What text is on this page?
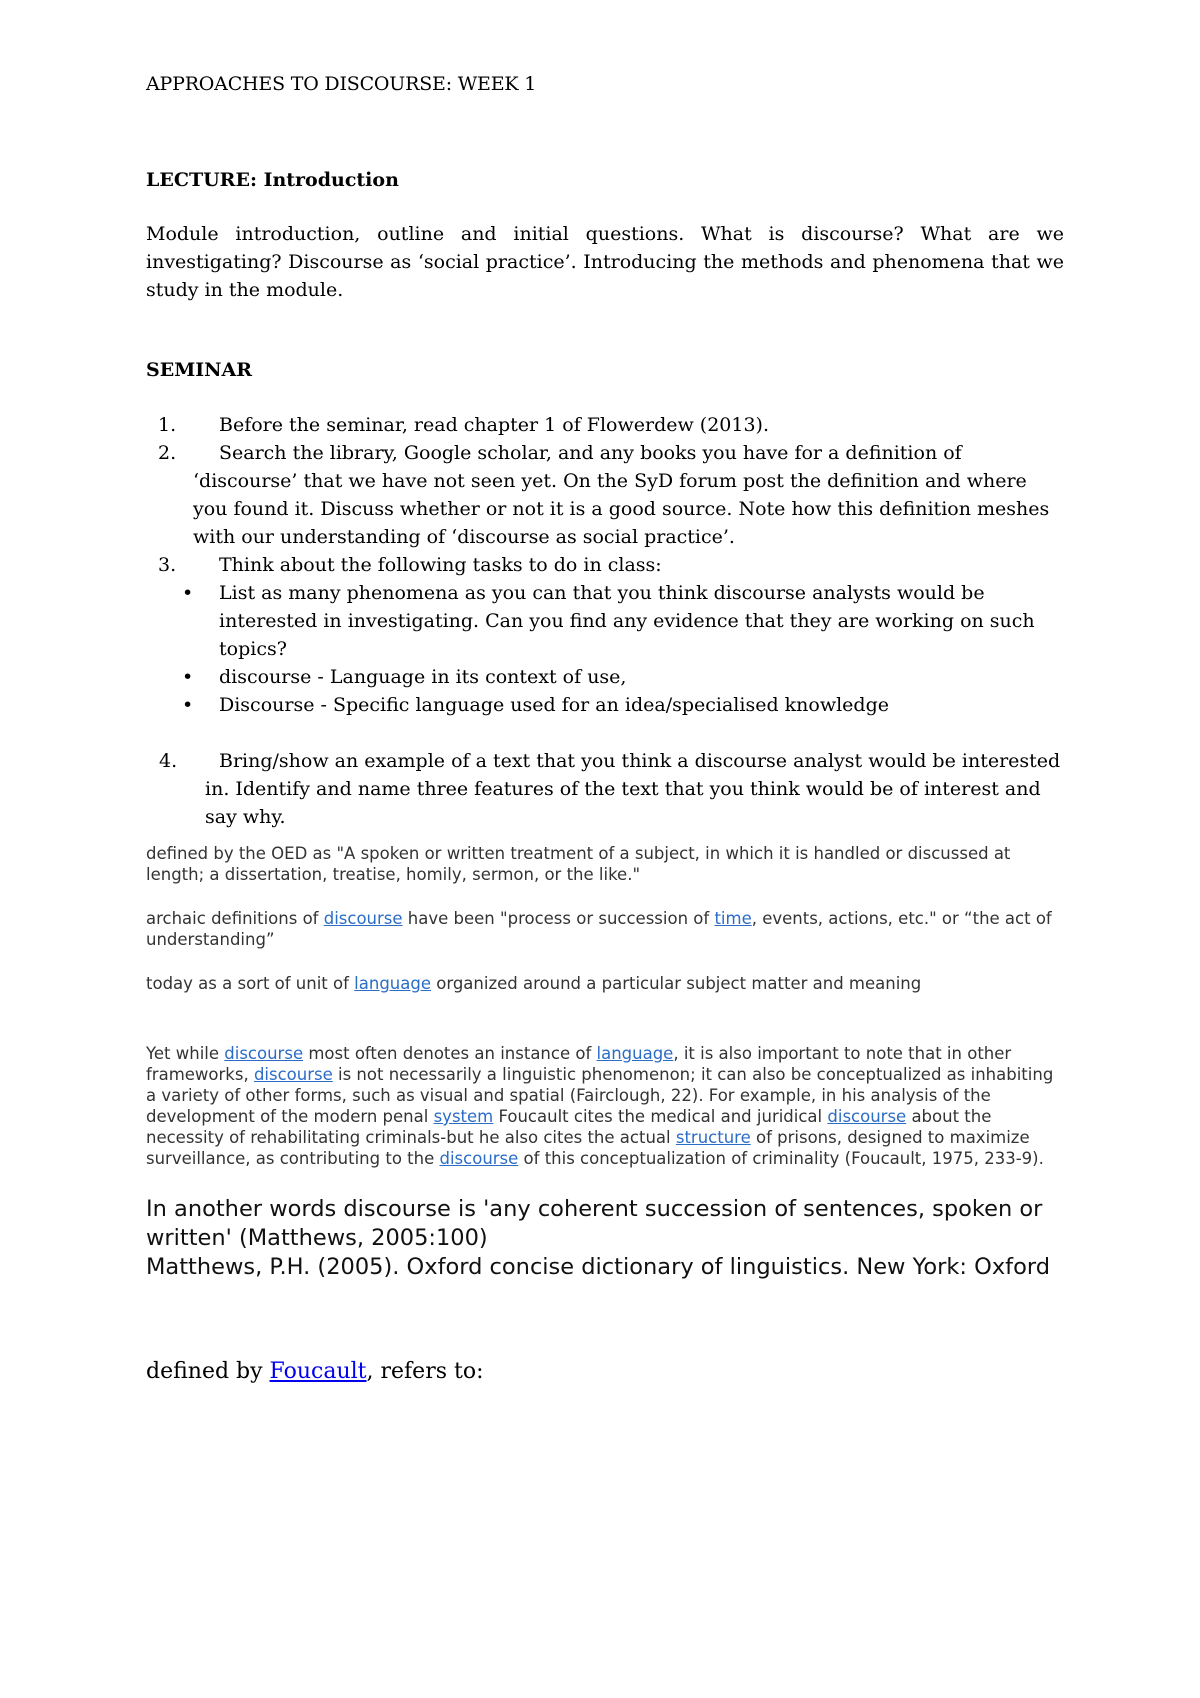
APPROACHES TO DISCOURSE: WEEK 1
LECTURE: Introduction
Module introduction, outline and initial questions. What is discourse? What are we investigating? Discourse as ‘social practice’. Introducing the methods and phenomena that we study in the module.
SEMINAR
1.	Before the seminar, read chapter 1 of Flowerdew (2013).
2.	Search the library, Google scholar, and any books you have for a definition of ‘discourse’ that we have not seen yet. On the SyD forum post the definition and where you found it. Discuss whether or not it is a good source. Note how this definition meshes with our understanding of ‘discourse as social practice’.
3.	Think about the following tasks to do in class:
• List as many phenomena as you can that you think discourse analysts would be interested in investigating. Can you find any evidence that they are working on such topics?
• discourse - Language in its context of use,
• Discourse - Specific language used for an idea/specialised knowledge
4.	Bring/show an example of a text that you think a discourse analyst would be interested in. Identify and name three features of the text that you think would be of interest and say why.
defined by the OED as "A spoken or written treatment of a subject, in which it is handled or discussed at length; a dissertation, treatise, homily, sermon, or the like."
archaic definitions of discourse have been "process or succession of time, events, actions, etc." or “the act of understanding”
today as a sort of unit of language organized around a particular subject matter and meaning
Yet while discourse most often denotes an instance of language, it is also important to note that in other frameworks, discourse is not necessarily a linguistic phenomenon; it can also be conceptualized as inhabiting a variety of other forms, such as visual and spatial (Fairclough, 22). For example, in his analysis of the development of the modern penal system Foucault cites the medical and juridical discourse about the necessity of rehabilitating criminals-but he also cites the actual structure of prisons, designed to maximize surveillance, as contributing to the discourse of this conceptualization of criminality (Foucault, 1975, 233-9).
In another words discourse is 'any coherent succession of sentences, spoken or written' (Matthews, 2005:100)
Matthews, P.H. (2005). Oxford concise dictionary of linguistics. New York: Oxford
defined by Foucault, refers to:
